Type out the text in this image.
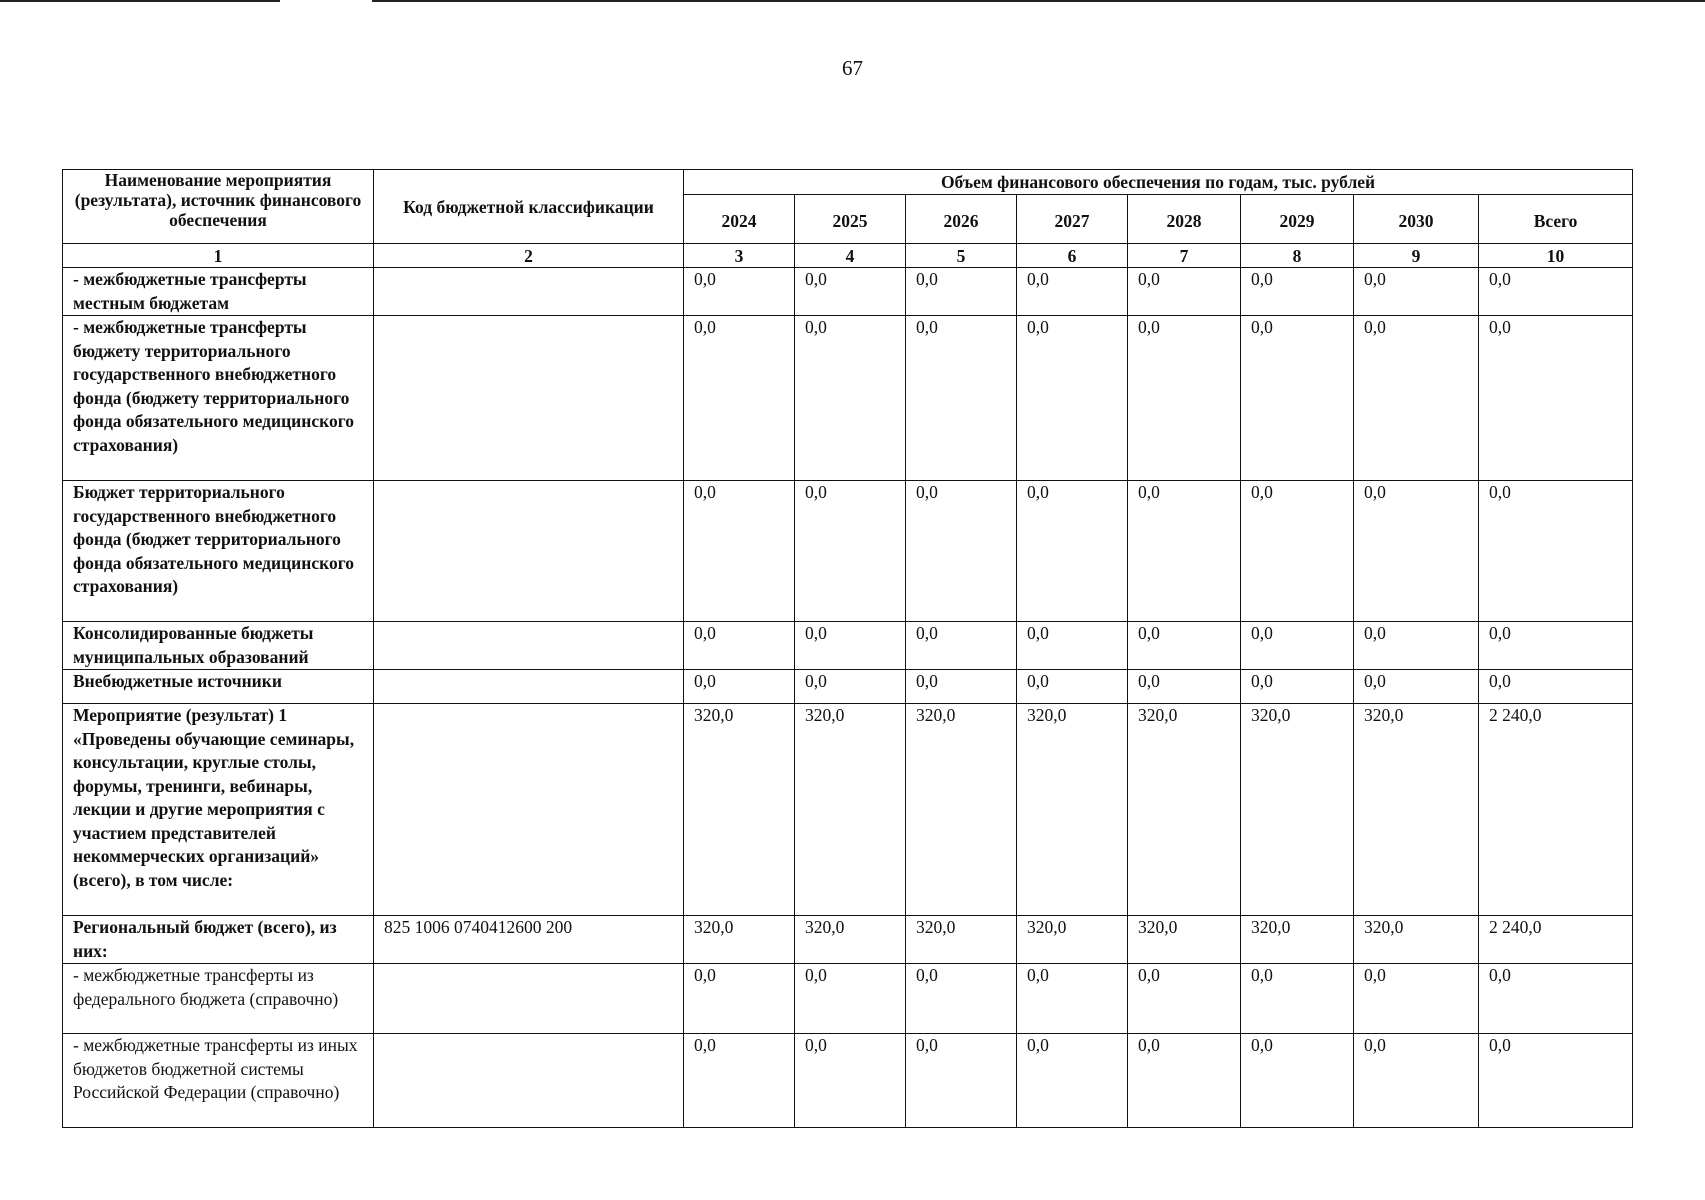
67
Наименование мероприятия (результата), источник финансового обеспечения	Код бюджетной классификации	Объем финансового обеспечения по годам, тыс. рублей							
		2024	2025	2026	2027	2028	2029	2030	Всего
1	2	3	4	5	6	7	8	9	10
- межбюджетные трансферты местным бюджетам		0,0	0,0	0,0	0,0	0,0	0,0	0,0	0,0
- межбюджетные трансферты бюджету территориального государственного внебюджетного фонда (бюджету территориального фонда обязательного медицинского страхования)		0,0	0,0	0,0	0,0	0,0	0,0	0,0	0,0
Бюджет территориального государственного внебюджетного фонда (бюджет территориального фонда обязательного медицинского страхования)		0,0	0,0	0,0	0,0	0,0	0,0	0,0	0,0
Консолидированные бюджеты муниципальных образований		0,0	0,0	0,0	0,0	0,0	0,0	0,0	0,0
Внебюджетные источники		0,0	0,0	0,0	0,0	0,0	0,0	0,0	0,0
Мероприятие (результат) 1 «Проведены обучающие семинары, консультации, круглые столы, форумы, тренинги, вебинары, лекции и другие мероприятия с участием представителей некоммерческих организаций» (всего), в том числе:		320,0	320,0	320,0	320,0	320,0	320,0	320,0	2 240,0
Региональный бюджет (всего), из них:	825 1006 0740412600 200	320,0	320,0	320,0	320,0	320,0	320,0	320,0	2 240,0
- межбюджетные трансферты из федерального бюджета (справочно)		0,0	0,0	0,0	0,0	0,0	0,0	0,0	0,0
- межбюджетные трансферты из иных бюджетов бюджетной системы Российской Федерации (справочно)		0,0	0,0	0,0	0,0	0,0	0,0	0,0	0,0
